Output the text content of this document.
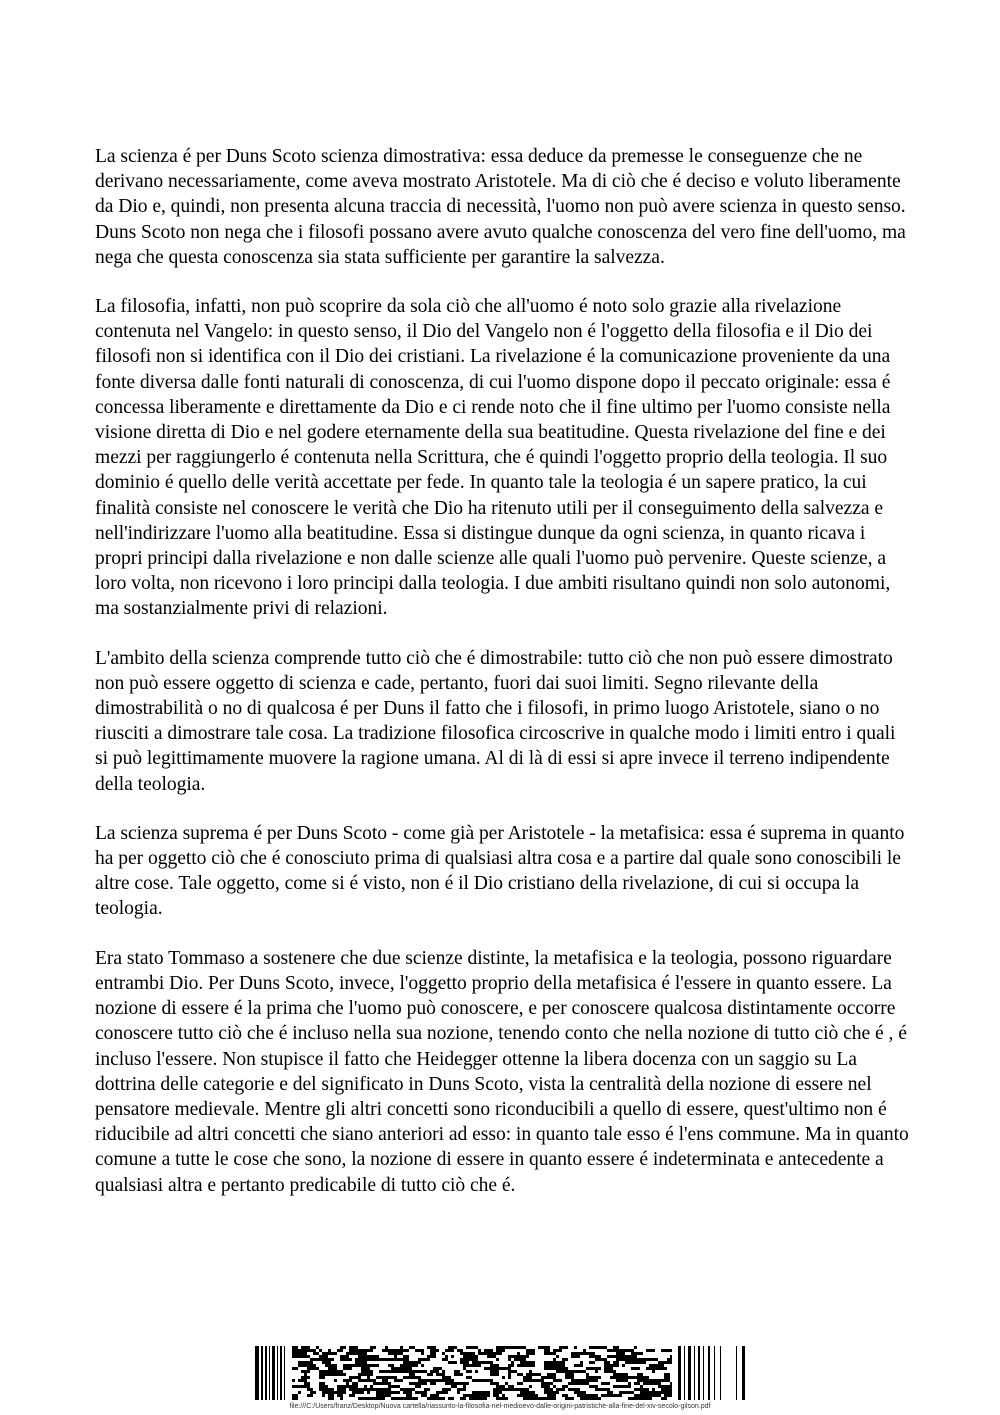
La scienza é per Duns Scoto scienza dimostrativa: essa deduce da premesse le conseguenze che ne derivano necessariamente, come aveva mostrato Aristotele. Ma di ciò che é deciso e voluto liberamente da Dio e, quindi, non presenta alcuna traccia di necessità, l'uomo non può avere scienza in questo senso. Duns Scoto non nega che i filosofi possano avere avuto qualche conoscenza del vero fine dell'uomo, ma nega che questa conoscenza sia stata sufficiente per garantire la salvezza.

La filosofia, infatti, non può scoprire da sola ciò che all'uomo é noto solo grazie alla rivelazione contenuta nel Vangelo: in questo senso, il Dio del Vangelo non é l'oggetto della filosofia e il Dio dei filosofi non si identifica con il Dio dei cristiani. La rivelazione é la comunicazione proveniente da una fonte diversa dalle fonti naturali di conoscenza, di cui l'uomo dispone dopo il peccato originale: essa é concessa liberamente e direttamente da Dio e ci rende noto che il fine ultimo per l'uomo consiste nella visione diretta di Dio e nel godere eternamente della sua beatitudine. Questa rivelazione del fine e dei mezzi per raggiungerlo é contenuta nella Scrittura, che é quindi l'oggetto proprio della teologia. Il suo dominio é quello delle verità accettate per fede. In quanto tale la teologia é un sapere pratico, la cui finalità consiste nel conoscere le verità che Dio ha ritenuto utili per il conseguimento della salvezza e nell'indirizzare l'uomo alla beatitudine. Essa si distingue dunque da ogni scienza, in quanto ricava i propri principi dalla rivelazione e non dalle scienze alle quali l'uomo può pervenire. Queste scienze, a loro volta, non ricevono i loro principi dalla teologia. I due ambiti risultano quindi non solo autonomi, ma sostanzialmente privi di relazioni.

L'ambito della scienza comprende tutto ciò che é dimostrabile: tutto ciò che non può essere dimostrato non può essere oggetto di scienza e cade, pertanto, fuori dai suoi limiti. Segno rilevante della dimostrabilità o no di qualcosa é per Duns il fatto che i filosofi, in primo luogo Aristotele, siano o no riusciti a dimostrare tale cosa. La tradizione filosofica circoscrive in qualche modo i limiti entro i quali si può legittimamente muovere la ragione umana. Al di là di essi si apre invece il terreno indipendente della teologia.

La scienza suprema é per Duns Scoto - come già per Aristotele - la metafisica: essa é suprema in quanto ha per oggetto ciò che é conosciuto prima di qualsiasi altra cosa e a partire dal quale sono conoscibili le altre cose. Tale oggetto, come si é visto, non é il Dio cristiano della rivelazione, di cui si occupa la teologia.

Era stato Tommaso a sostenere che due scienze distinte, la metafisica e la teologia, possono riguardare entrambi Dio. Per Duns Scoto, invece, l'oggetto proprio della metafisica é l'essere in quanto essere. La nozione di essere é la prima che l'uomo può conoscere, e per conoscere qualcosa distintamente occorre conoscere tutto ciò che é incluso nella sua nozione, tenendo conto che nella nozione di tutto ciò che é , é incluso l'essere. Non stupisce il fatto che Heidegger ottenne la libera docenza con un saggio su La dottrina delle categorie e del significato in Duns Scoto, vista la centralità della nozione di essere nel pensatore medievale. Mentre gli altri concetti sono riconducibili a quello di essere, quest'ultimo non é riducibile ad altri concetti che siano anteriori ad esso: in quanto tale esso é l'ens commune. Ma in quanto comune a tutte le cose che sono, la nozione di essere in quanto essere é indeterminata e antecedente a qualsiasi altra e pertanto predicabile di tutto ciò che é.

file:///C:/Users/franz/Desktop/Nuova cartella/riassunto-la-filosofia-nel-medioevo-dalle-origini-patristiche-alla-fine-del-xiv-secolo-gilson.pdf
